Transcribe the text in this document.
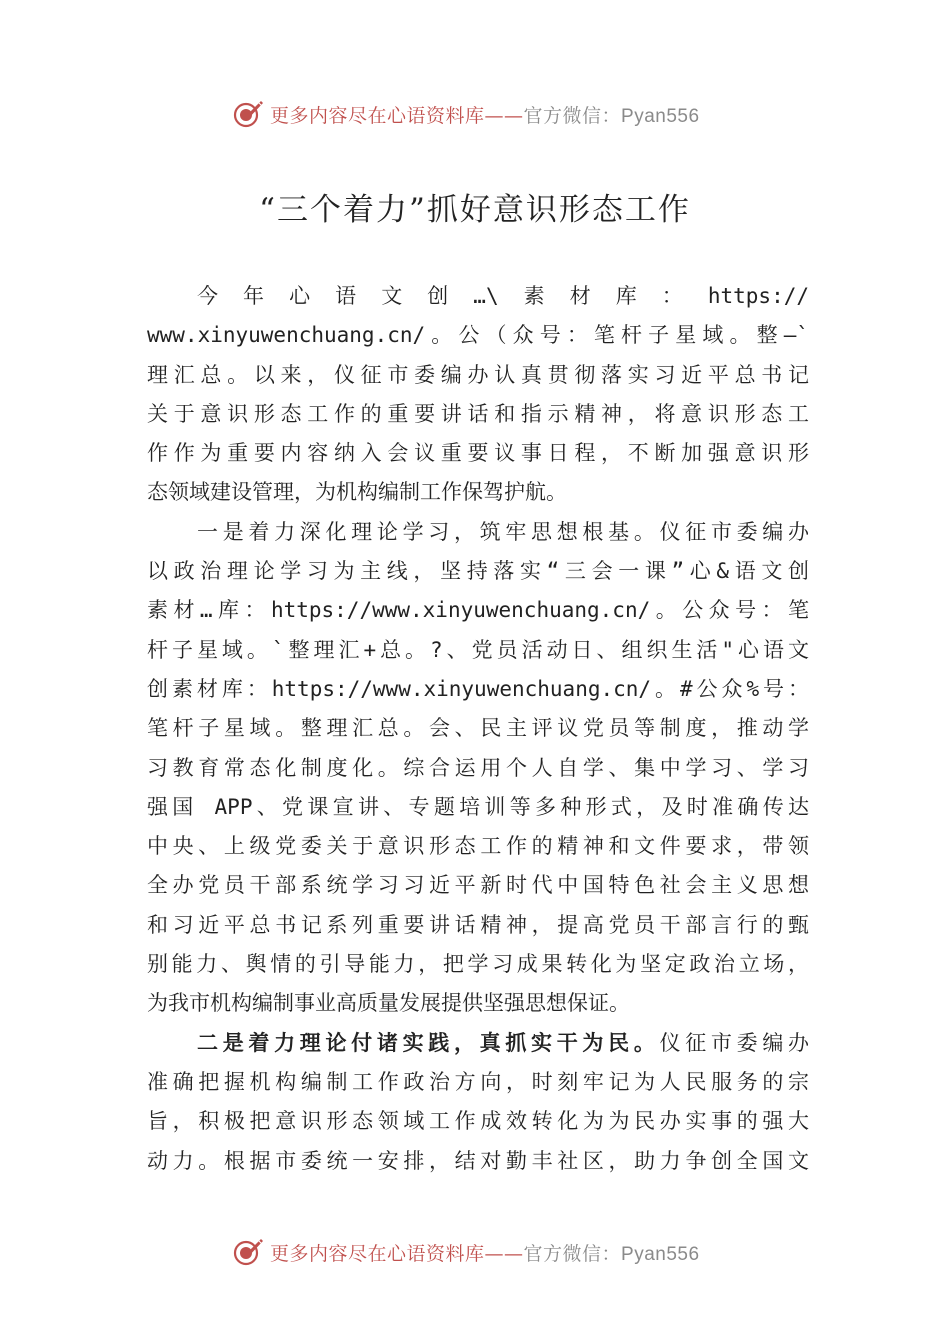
更多内容尽在心语资料库——官方微信：Pyan556
“三个着力”抓好意识形态工作
今年心语文创…\素材库：https://
www.xinyuwenchuang.cn/。公（众号：笔杆子星域。整—`
理汇总。以来，仪征市委编办认真贯彻落实习近平总书记
关于意识形态工作的重要讲话和指示精神，将意识形态工
作作为重要内容纳入会议重要议事日程，不断加强意识形
态领域建设管理，为机构编制工作保驾护航。
一是着力深化理论学习，筑牢思想根基。仪征市委编办
以政治理论学习为主线，坚持落实“三会一课”心&语文创
素材…库：https://www.xinyuwenchuang.cn/。公众号：笔
杆子星域。`整理汇+总。?、党员活动日、组织生活"心语文
创素材库：https://www.xinyuwenchuang.cn/。#公众%号：
笔杆子星域。整理汇总。会、民主评议党员等制度，推动学
习教育常态化制度化。综合运用个人自学、集中学习、学习
强国 APP、党课宣讲、专题培训等多种形式，及时准确传达
中央、上级党委关于意识形态工作的精神和文件要求，带领
全办党员干部系统学习习近平新时代中国特色社会主义思想
和习近平总书记系列重要讲话精神，提高党员干部言行的甄
别能力、舆情的引导能力，把学习成果转化为坚定政治立场，
为我市机构编制事业高质量发展提供坚强思想保证。
二是着力理论付诸实践，真抓实干为民。仪征市委编办
准确把握机构编制工作政治方向，时刻牢记为人民服务的宗
旨，积极把意识形态领域工作成效转化为为民办实事的强大
动力。根据市委统一安排，结对勤丰社区，助力争创全国文
更多内容尽在心语资料库——官方微信：Pyan556
